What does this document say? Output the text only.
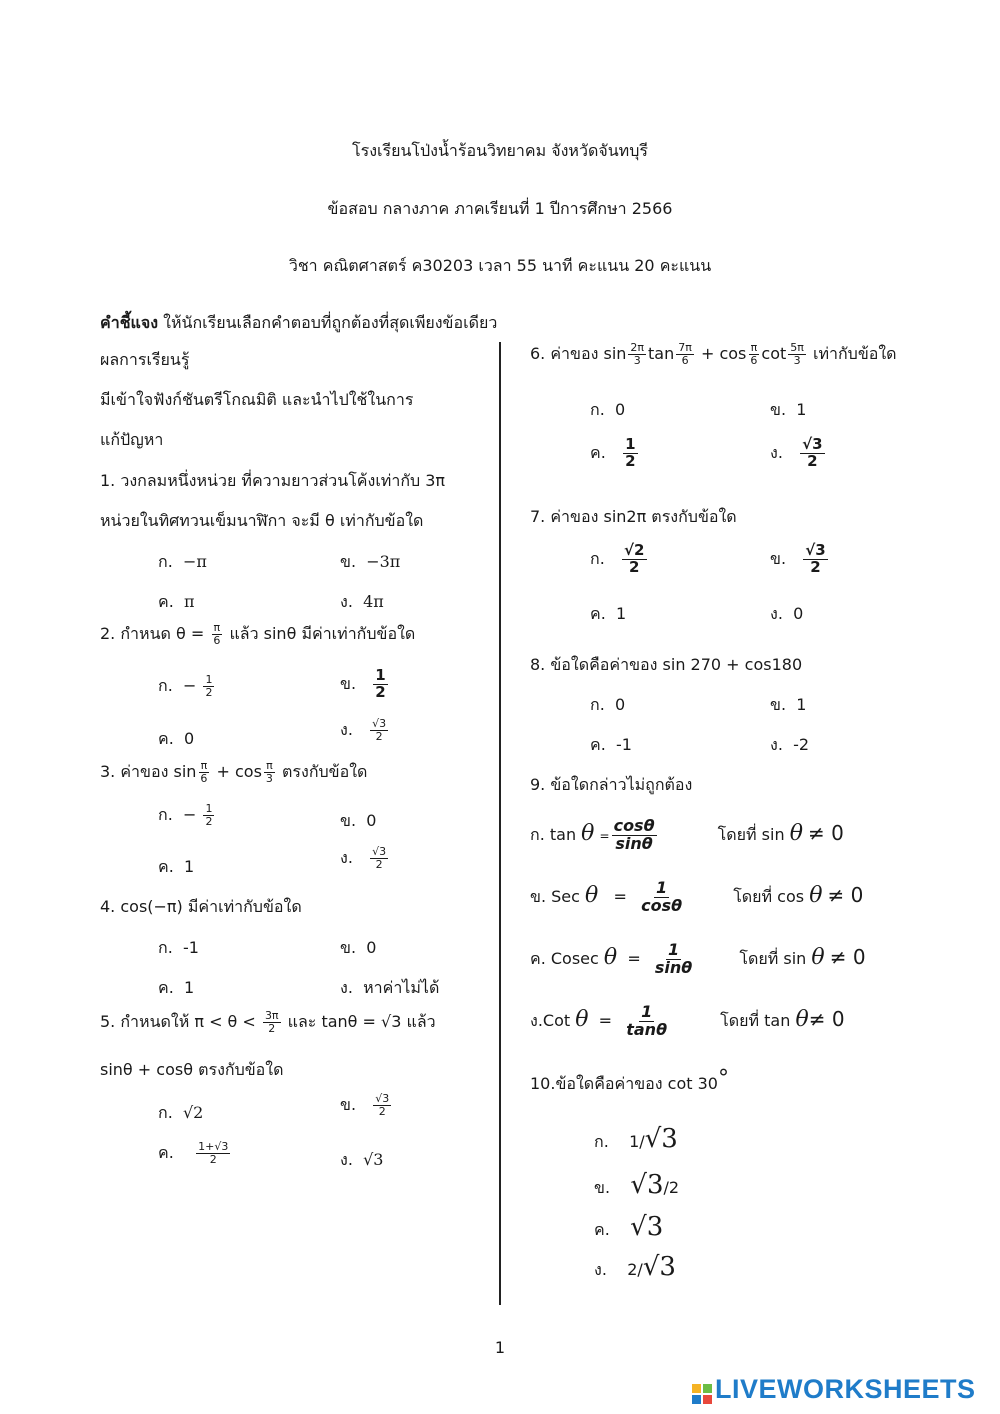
โรงเรียนโป่งน้ำร้อนวิทยาคม จังหวัดจันทบุรี
ข้อสอบ กลางภาค ภาคเรียนที่ 1 ปีการศึกษา 2566
วิชา คณิตศาสตร์ ค30203 เวลา 55 นาที คะแนน 20 คะแนน
คำชี้แจง ให้นักเรียนเลือกคำตอบที่ถูกต้องที่สุดเพียงข้อเดียว
ผลการเรียนรู้
มีเข้าใจฟังก์ชันตรีโกณมิติ และนำไปใช้ในการ
แก้ปัญหา
1. วงกลมหนึ่งหน่วย ที่ความยาวส่วนโค้งเท่ากับ 3π
หน่วยในทิศทวนเข็มนาฬิกา จะมี θ เท่ากับข้อใด
ก. −π	ข. −3π
ค. π	ง. 4π
2. กำหนด $\theta = \frac{\pi}{6}$ แล้ว sinθ มีค่าเท่ากับข้อใด
ก. − $\frac{1}{2}$	ข. $\frac{1}{2}$
ค. 0	ง. $\frac{√3}{2}$
3. ค่าของ $\sin \frac{\pi}{6} + \cos \frac{\pi}{3}$ ตรงกับข้อใด
ก. − $\frac{1}{2}$	ข. 0
ค. 1	ง. $\frac{√3}{2}$
4. cos(−π) มีค่าเท่ากับข้อใด
ก. -1	ข. 0
ค. 1	ง. หาค่าไม่ได้
5. กำหนดให้ $\pi < \theta < \frac{3\pi}{2}$ และ tanθ = √3 แล้ว
sinθ + cosθ ตรงกับข้อใด
ก. √2	ข. $\frac{√3}{2}$
ค. $\frac{1+√3}{2}$	ง. √3
6. ค่าของ $\sin \frac{2\pi}{3}$ $\tan \frac{7\pi}{6} + \cos \frac{\pi}{6}$ $\cot \frac{5\pi}{3}$ เท่ากับข้อใด
ก. 0	ข. 1
ค. $\frac{1}{2}$	ง. $\frac{√3}{2}$
7. ค่าของ sin2π ตรงกับข้อใด
ก. $\frac{√2}{2}$	ข. $\frac{√3}{2}$
ค. 1	ง. 0
8. ข้อใดคือค่าของ sin 270 + cos180
ก. 0	ข. 1
ค. -1	ง. -2
9. ข้อใดกล่าวไม่ถูกต้อง
ก. $\tan \theta = \frac{\cos\theta}{\sin\theta}$	โดยที่ sin θ ≠ 0
ข. Sec $\theta = \frac{1}{\cos\theta}$	โดยที่ cos θ ≠ 0
ค. Cosec $\theta = \frac{1}{\sin\theta}$	โดยที่ sin θ ≠ 0
ง.Cot $\theta = \frac{1}{\tan\theta}$	โดยที่ tan θ≠ 0
10.ข้อใดคือค่าของ cot 30°
ก. 1/√3
ข. √3/2
ค. √3
ง. 2/√3
1
LIVEWORKSHEETS
